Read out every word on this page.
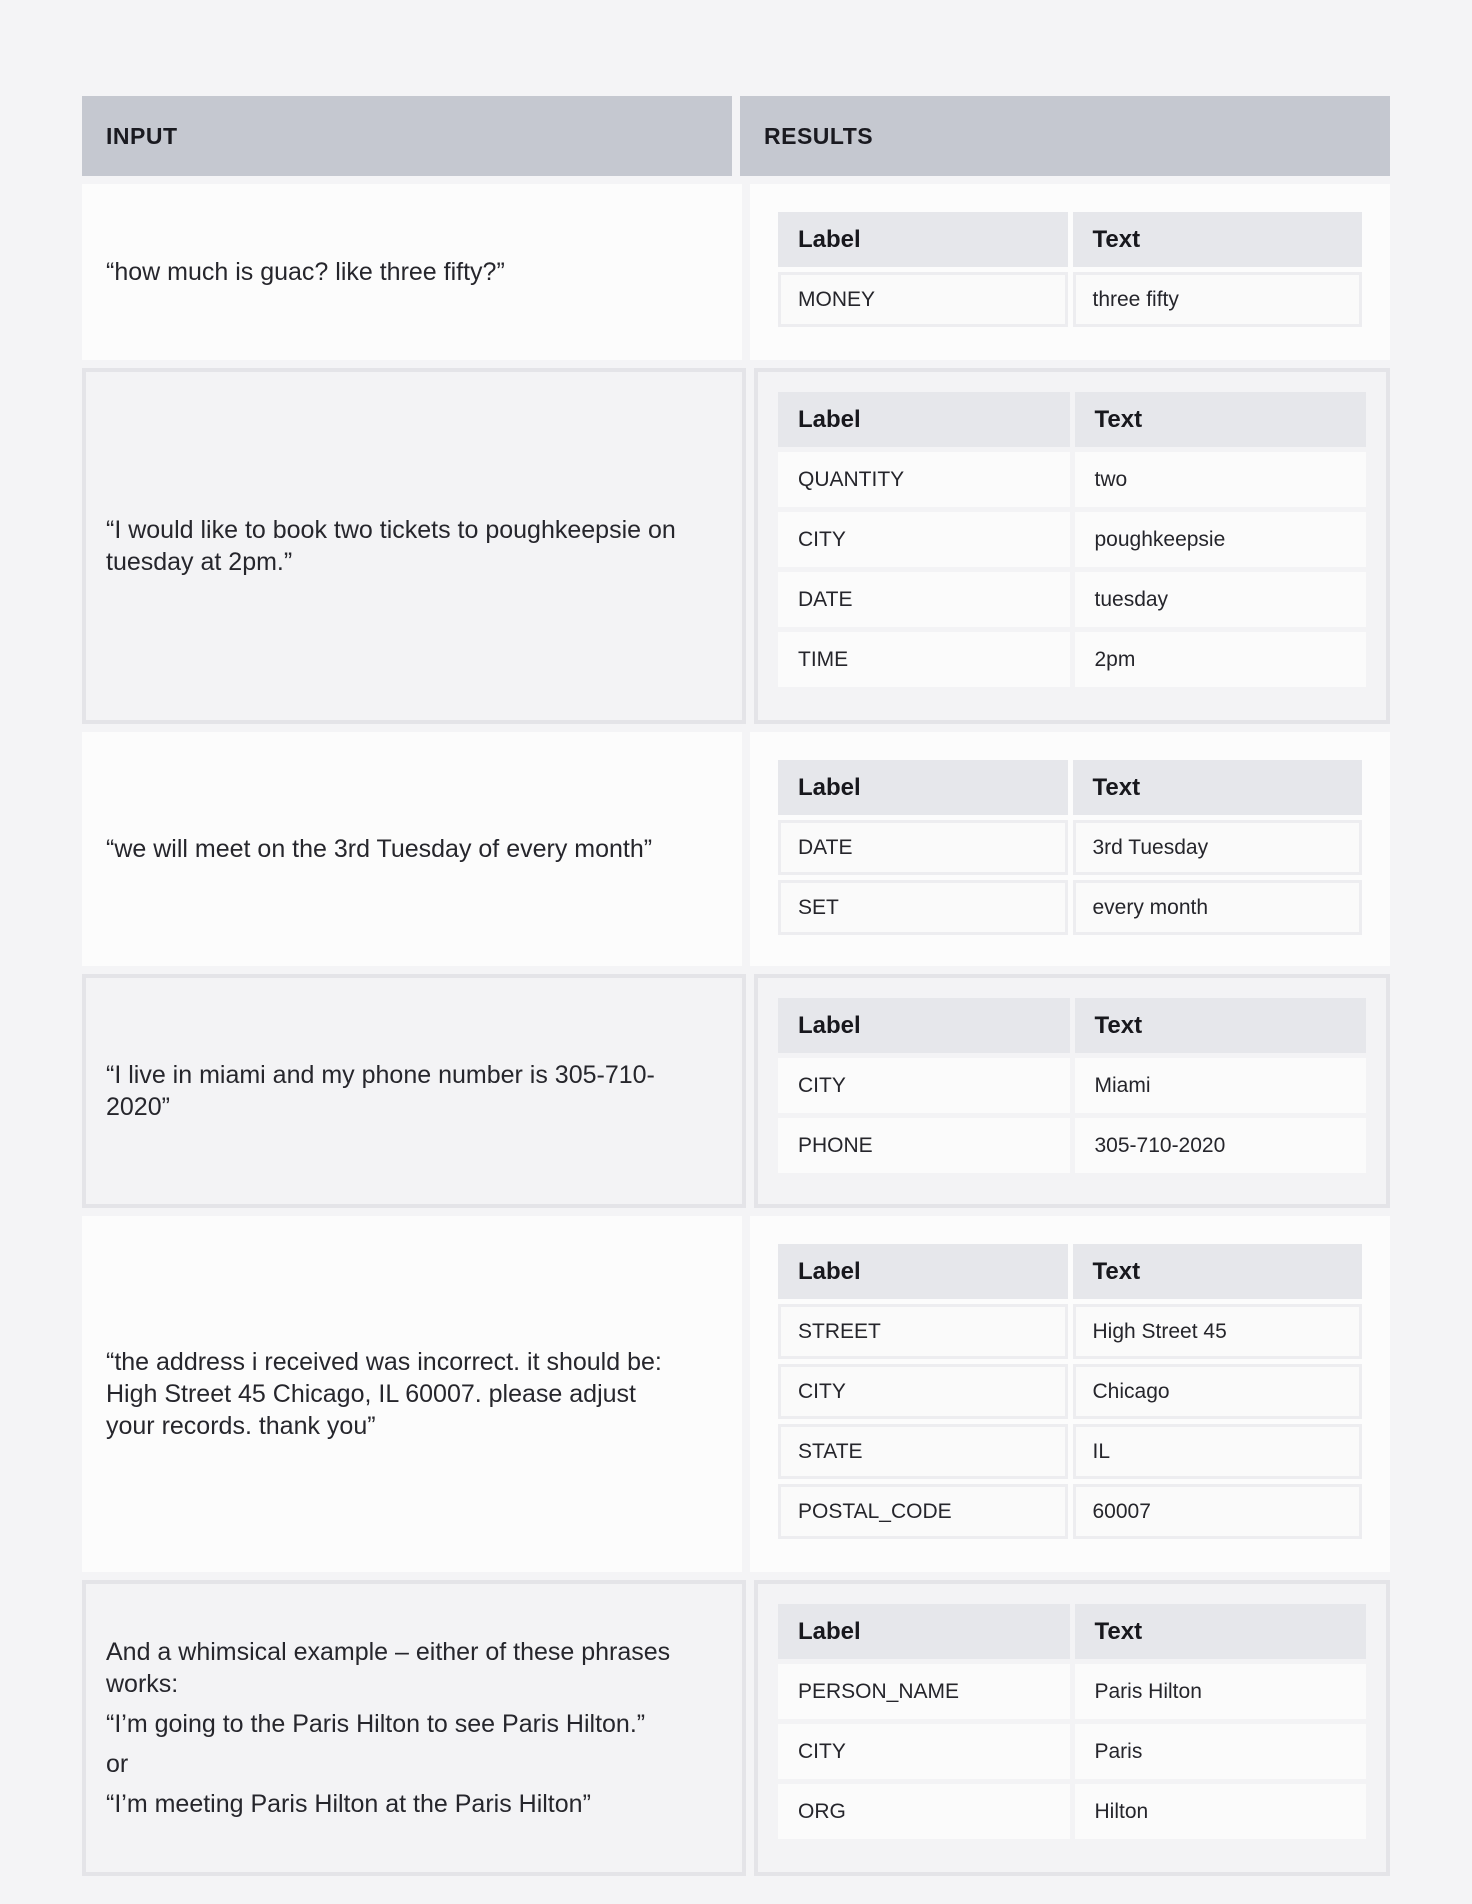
INPUT	RESULTS
“how much is guac? like three fifty?”
Label	Text
MONEY	three fifty
“I would like to book two tickets to poughkeepsie on tuesday at 2pm.”
Label	Text
QUANTITY	two
CITY	poughkeepsie
DATE	tuesday
TIME	2pm
“we will meet on the 3rd Tuesday of every month”
Label	Text
DATE	3rd Tuesday
SET	every month
“I live in miami and my phone number is 305-710-2020”
Label	Text
CITY	Miami
PHONE	305-710-2020
“the address i received was incorrect. it should be: High Street 45 Chicago, IL 60007. please adjust your records. thank you”
Label	Text
STREET	High Street 45
CITY	Chicago
STATE	IL
POSTAL_CODE	60007
And a whimsical example – either of these phrases works:
“I’m going to the Paris Hilton to see Paris Hilton.”
or
“I’m meeting Paris Hilton at the Paris Hilton”
Label	Text
PERSON_NAME	Paris Hilton
CITY	Paris
ORG	Hilton
